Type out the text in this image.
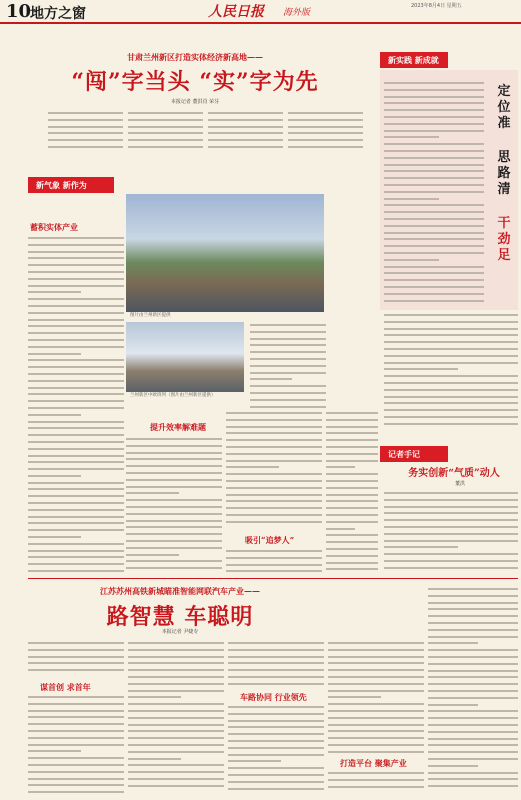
10
地方之窗	人民日报 海外版
2023年8月4日 星期五
甘肃兰州新区打造实体经济新高地——
“闯”字当头 “实”字为先
本报记者 董洪肖 荣芬
新气象 新作为
蓄积实体产业
图片由兰州新区提供
兰州新区中欧班列（图片由兰州新区提供）
提升效率解难题
吸引“追梦人”
新实践 新成就
定位准
思路清
干劲足
记者手记
务实创新“气质”动人
董洪
江苏苏州高铁新城瞄准智能网联汽车产业——
路智慧 车聪明
本报记者 尹婕专
谋首创 求首年
车路协同 行业领先
打造平台 聚集产业
